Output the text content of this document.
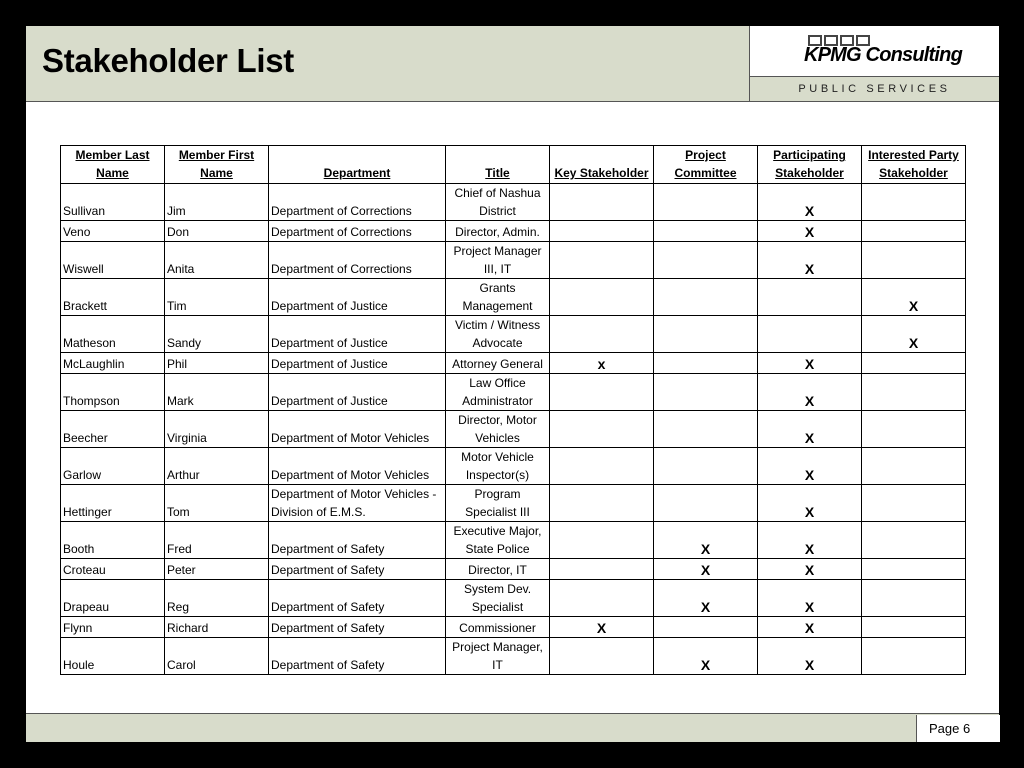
Stakeholder List	KPMG Consulting
PUBLIC SERVICES
Member Last Name	Member First Name	Department	Title	Key Stakeholder	Project Committee	Participating Stakeholder	Interested Party Stakeholder
Sullivan	Jim	Department of Corrections	Chief of Nashua District			X	
Veno	Don	Department of Corrections	Director, Admin.			X	
Wiswell	Anita	Department of Corrections	Project Manager III, IT			X	
Brackett	Tim	Department of Justice	Grants Management				X
Matheson	Sandy	Department of Justice	Victim / Witness Advocate				X
McLaughlin	Phil	Department of Justice	Attorney General	x		X	
Thompson	Mark	Department of Justice	Law Office Administrator			X	
Beecher	Virginia	Department of Motor Vehicles	Director, Motor Vehicles			X	
Garlow	Arthur	Department of Motor Vehicles	Motor Vehicle Inspector(s)			X	
Hettinger	Tom	Department of Motor Vehicles - Division of E.M.S.	Program Specialist III			X	
Booth	Fred	Department of Safety	Executive Major, State Police		X	X	
Croteau	Peter	Department of Safety	Director, IT		X	X	
Drapeau	Reg	Department of Safety	System Dev. Specialist		X	X	
Flynn	Richard	Department of Safety	Commissioner	X		X	
Houle	Carol	Department of Safety	Project Manager, IT		X	X	
Page 6
